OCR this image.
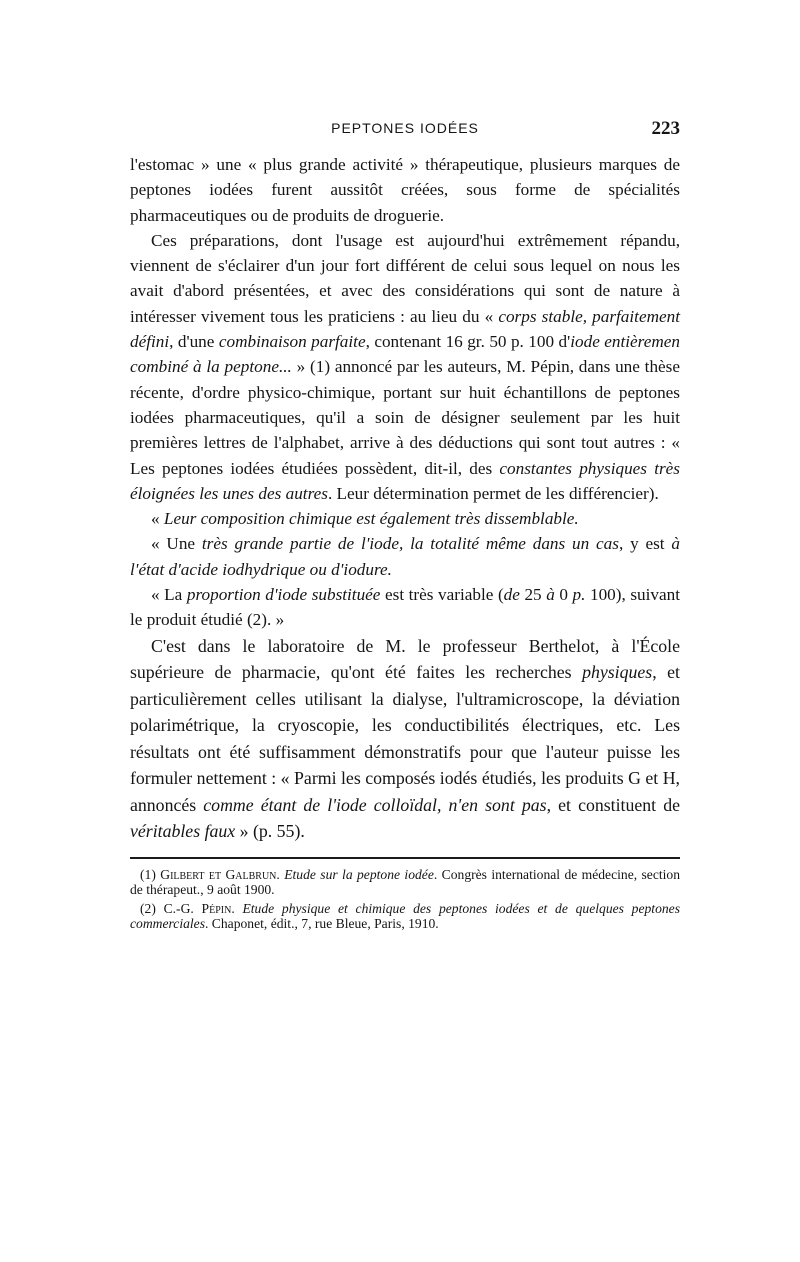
PEPTONES IODÉES	223

l'estomac » une « plus grande activité » thérapeutique, plusieurs marques de peptones iodées furent aussitôt créées, sous forme de spécialités pharmaceutiques ou de produits de droguerie.

Ces préparations, dont l'usage est aujourd'hui extrêmement répandu, viennent de s'éclairer d'un jour fort différent de celui sous lequel on nous les avait d'abord présentées, et avec des considérations qui sont de nature à intéresser vivement tous les praticiens : au lieu du « corps stable, parfaitement défini, d'une combinaison parfaite, contenant 16 gr. 50 p. 100 d'iode entièremen combiné à la peptone... » (1) annoncé par les auteurs, M. Pépin, dans une thèse récente, d'ordre physico-chimique, portant sur huit échantillons de peptones iodées pharmaceutiques, qu'il a soin de désigner seulement par les huit premières lettres de l'alphabet, arrive à des déductions qui sont tout autres : « Les peptones iodées étudiées possèdent, dit-il, des constantes physiques très éloignées les unes des autres. Leur détermination permet de les différencier).

« Leur composition chimique est également très dissemblable.

« Une très grande partie de l'iode, la totalité même dans un cas, y est à l'état d'acide iodhydrique ou d'iodure.

« La proportion d'iode substituée est très variable (de 25 à 0 p. 100), suivant le produit étudié (2). »

C'est dans le laboratoire de M. le professeur Berthelot, à l'École supérieure de pharmacie, qu'ont été faites les recherches physiques, et particulièrement celles utilisant la dialyse, l'ultramicroscope, la déviation polarimétrique, la cryoscopie, les conductibilités électriques, etc. Les résultats ont été suffisamment démonstratifs pour que l'auteur puisse les formuler nettement : « Parmi les composés iodés étudiés, les produits G et H, annoncés comme étant de l'iode colloïdal, n'en sont pas, et constituent de véritables faux » (p. 55).

(1) Gilbert et Galbrun. Etude sur la peptone iodée. Congrès international de médecine, section de thérapeut., 9 août 1900.

(2) C.-G. Pépin. Etude physique et chimique des peptones iodées et de quelques peptones commerciales. Chaponet, édit., 7, rue Bleue, Paris, 1910.
